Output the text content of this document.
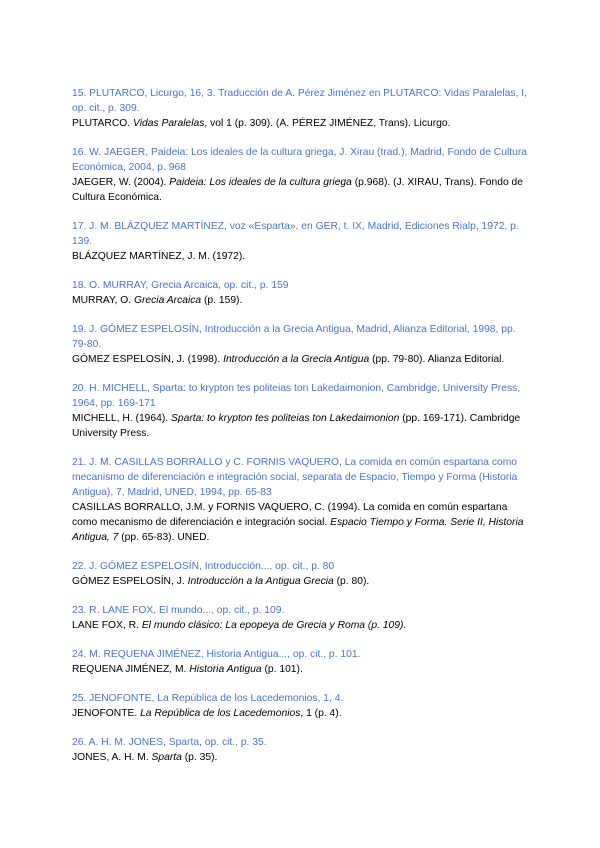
15. PLUTARCO, Licurgo, 16, 3. Traducción de A. Pérez Jiménez en PLUTARCO: Vidas Paralelas, I, op. cit., p. 309.
PLUTARCO. Vidas Paralelas, vol 1 (p. 309). (A. PÉREZ JIMÉNEZ, Trans). Licurgo.
16. W. JAEGER, Paideia: Los ideales de la cultura griega, J. Xirau (trad.), Madrid, Fondo de Cultura Económica, 2004, p. 968
JAEGER, W. (2004). Paideia: Los ideales de la cultura griega (p.968). (J. XIRAU, Trans). Fondo de Cultura Económica.
17. J. M. BLÁZQUEZ MARTÍNEZ, voz «Esparta», en GER, t. IX, Madrid, Ediciones Rialp, 1972, p. 139.
BLÁZQUEZ MARTÍNEZ, J. M. (1972).
18. O. MURRAY, Grecia Arcaica, op. cit., p. 159
MURRAY, O. Grecia Arcaica (p. 159).
19. J. GÓMEZ ESPELOSÍN, Introducción a la Grecia Antigua, Madrid, Alianza Editorial, 1998, pp. 79-80.
GÓMEZ ESPELOSÍN, J. (1998). Introducción a la Grecia Antigua (pp. 79-80). Alianza Editorial.
20. H. MICHELL, Sparta: to krypton tes politeias ton Lakedaimonion, Cambridge, University Press, 1964, pp. 169-171
MICHELL, H. (1964). Sparta: to krypton tes politeias ton Lakedaimonion (pp. 169-171). Cambridge University Press.
21. J. M. CASILLAS BORRALLO y C. FORNIS VAQUERO, La comida en común espartana como mecanismo de diferenciación e integración social, separata de Espacio, Tiempo y Forma (Historia Antigua), 7, Madrid, UNED, 1994, pp. 65-83
CASILLAS BORRALLO, J.M. y FORNIS VAQUERO, C. (1994). La comida en común espartana como mecanismo de diferenciación e integración social. Espacio Tiempo y Forma. Serie II, Historia Antigua, 7 (pp. 65-83). UNED.
22. J. GÓMEZ ESPELOSÍN, Introducción..., op. cit., p. 80
GÓMEZ ESPELOSÍN, J. Introducción a la Antigua Grecia (p. 80).
23. R. LANE FOX, El mundo..., op. cit., p. 109.
LANE FOX, R. El mundo clásico: La epopeya de Grecia y Roma (p. 109).
24. M. REQUENA JIMÉNEZ, Historia Antigua..., op. cit., p. 101.
REQUENA JIMÉNEZ, M. Historia Antigua (p. 101).
25. JENOFONTE, La República de los Lacedemonios, 1, 4.
JENOFONTE. La República de los Lacedemonios, 1 (p. 4).
26. A. H. M. JONES, Sparta, op. cit., p. 35.
JONES, A. H. M. Sparta (p. 35).
